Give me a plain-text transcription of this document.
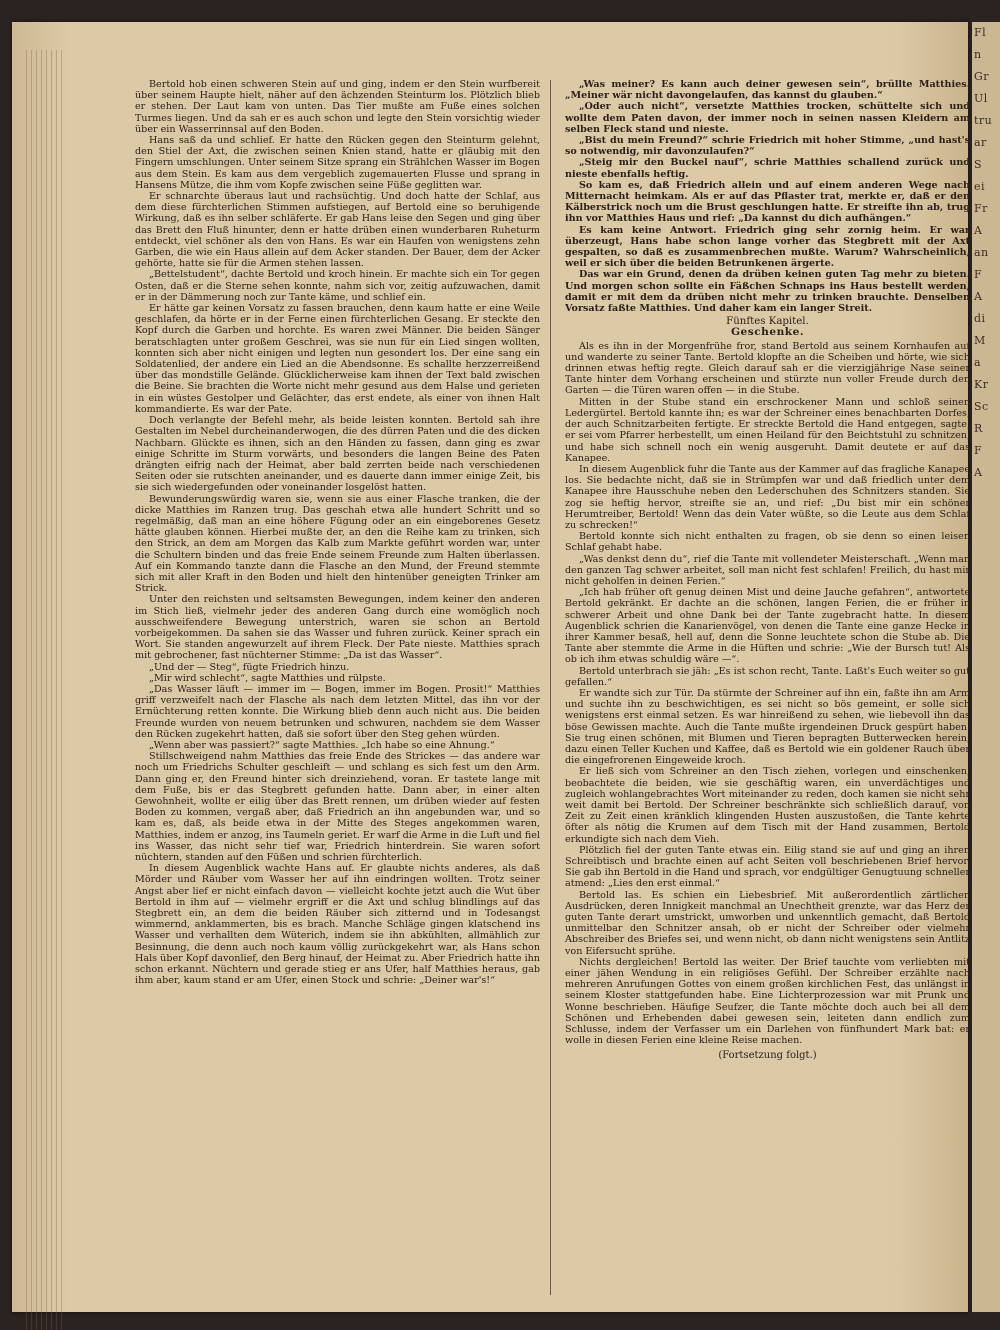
Fl
n
Gr
Ul
tru
ar
S
ei
Fr
A
an
F
A
di
M
a
Kr
Sc
R
F
A

Bertold hob einen schweren Stein auf und ging, indem er den Stein wurfbereit über seinem Haupte hielt, näher auf den ächzenden Steinturm los. Plötzlich blieb er stehen. Der Laut kam von unten. Das Tier mußte am Fuße eines solchen Turmes liegen. Und da sah er es auch schon und legte den Stein vorsichtig wieder über ein Wasserrinnsal auf den Boden.

Hans saß da und schlief. Er hatte den Rücken gegen den Steinturm gelehnt, den Stiel der Axt, die zwischen seinen Knien stand, hatte er gläubig mit den Fingern umschlungen. Unter seinem Sitze sprang ein Strählchen Wasser im Bogen aus dem Stein. Es kam aus dem vergeblich zugemauerten Flusse und sprang in Hansens Mütze, die ihm vom Kopfe zwischen seine Füße geglitten war.

Er schnarchte überaus laut und rachsüchtig. Und doch hatte der Schlaf, aus dem diese fürchterlichen Stimmen aufstiegen, auf Bertold eine so beruhigende Wirkung, daß es ihn selber schläferte. Er gab Hans leise den Segen und ging über das Brett den Fluß hinunter, denn er hatte drüben einen wunderbaren Ruheturm entdeckt, viel schöner als den von Hans. Es war ein Haufen von wenigstens zehn Garben, die wie ein Haus allein auf dem Acker standen. Der Bauer, dem der Acker gehörte, hatte sie für die Armen stehen lassen.

„Bettelstudent“, dachte Bertold und kroch hinein. Er machte sich ein Tor gegen Osten, daß er die Sterne sehen konnte, nahm sich vor, zeitig aufzuwachen, damit er in der Dämmerung noch zur Tante käme, und schlief ein.

Er hätte gar keinen Vorsatz zu fassen brauchen, denn kaum hatte er eine Weile geschlafen, da hörte er in der Ferne einen fürchterlichen Gesang. Er steckte den Kopf durch die Garben und horchte. Es waren zwei Männer. Die beiden Sänger beratschlagten unter großem Geschrei, was sie nun für ein Lied singen wollten, konnten sich aber nicht einigen und legten nun gesondert los. Der eine sang ein Soldatenlied, der andere ein Lied an die Abendsonne. Es schallte herzzerreißend über das mondstille Gelände. Glücklicherweise kam ihnen der Text bald zwischen die Beine. Sie brachten die Worte nicht mehr gesund aus dem Halse und gerieten in ein wüstes Gestolper und Gelächter, das erst endete, als einer von ihnen Halt kommandierte. Es war der Pate.

Doch verlangte der Befehl mehr, als beide leisten konnten. Bertold sah ihre Gestalten im Nebel durcheinanderwogen, die des dürren Paten und die des dicken Nachbarn. Glückte es ihnen, sich an den Händen zu fassen, dann ging es zwar einige Schritte im Sturm vorwärts, und besonders die langen Beine des Paten drängten eifrig nach der Heimat, aber bald zerrten beide nach verschiedenen Seiten oder sie rutschten aneinander, und es dauerte dann immer einige Zeit, bis sie sich wiedergefunden oder voneinander losgelöst hatten.

Bewunderungswürdig waren sie, wenn sie aus einer Flasche tranken, die der dicke Matthies im Ranzen trug. Das geschah etwa alle hundert Schritt und so regelmäßig, daß man an eine höhere Fügung oder an ein eingeborenes Gesetz hätte glauben können. Hierbei mußte der, an den die Reihe kam zu trinken, sich den Strick, an dem am Morgen das Kalb zum Markte geführt worden war, unter die Schultern binden und das freie Ende seinem Freunde zum Halten überlassen. Auf ein Kommando tanzte dann die Flasche an den Mund, der Freund stemmte sich mit aller Kraft in den Boden und hielt den hintenüber geneigten Trinker am Strick.

Unter den reichsten und seltsamsten Bewegungen, indem keiner den anderen im Stich ließ, vielmehr jeder des anderen Gang durch eine womöglich noch ausschweifendere Bewegung unterstrich, waren sie schon an Bertold vorbeigekommen. Da sahen sie das Wasser und fuhren zurück. Keiner sprach ein Wort. Sie standen angewurzelt auf ihrem Fleck. Der Pate nieste. Matthies sprach mit gebrochener, fast nüchterner Stimme: „Da ist das Wasser“.

„Und der — Steg“, fügte Friedrich hinzu.

„Mir wird schlecht“, sagte Matthies und rülpste.

„Das Wasser läuft — immer im — Bogen, immer im Bogen. Prosit!“ Matthies griff verzweifelt nach der Flasche als nach dem letzten Mittel, das ihn vor der Ernüchterung retten konnte. Die Wirkung blieb denn auch nicht aus. Die beiden Freunde wurden von neuem betrunken und schwuren, nachdem sie dem Wasser den Rücken zugekehrt hatten, daß sie sofort über den Steg gehen würden.

„Wenn aber was passiert?“ sagte Matthies. „Ich habe so eine Ahnung.“

Stillschweigend nahm Matthies das freie Ende des Strickes — das andere war noch um Friedrichs Schulter geschleift — und schlang es sich fest um den Arm. Dann ging er, den Freund hinter sich dreinziehend, voran. Er tastete lange mit dem Fuße, bis er das Stegbrett gefunden hatte. Dann aber, in einer alten Gewohnheit, wollte er eilig über das Brett rennen, um drüben wieder auf festen Boden zu kommen, vergaß aber, daß Friedrich an ihn angebunden war, und so kam es, daß, als beide etwa in der Mitte des Steges angekommen waren, Matthies, indem er anzog, ins Taumeln geriet. Er warf die Arme in die Luft und fiel ins Wasser, das nicht sehr tief war, Friedrich hinterdrein. Sie waren sofort nüchtern, standen auf den Füßen und schrien fürchterlich.

In diesem Augenblick wachte Hans auf. Er glaubte nichts anderes, als daß Mörder und Räuber vom Wasser her auf ihn eindringen wollten. Trotz seiner Angst aber lief er nicht einfach davon — vielleicht kochte jetzt auch die Wut über Bertold in ihm auf — vielmehr ergriff er die Axt und schlug blindlings auf das Stegbrett ein, an dem die beiden Räuber sich zitternd und in Todesangst wimmernd, anklammerten, bis es brach. Manche Schläge gingen klatschend ins Wasser und verhallten dem Wüterich, indem sie ihn abkühlten, allmählich zur Besinnung, die denn auch noch kaum völlig zurückgekehrt war, als Hans schon Hals über Kopf davonlief, den Berg hinauf, der Heimat zu. Aber Friedrich hatte ihn schon erkannt. Nüchtern und gerade stieg er ans Ufer, half Matthies heraus, gab ihm aber, kaum stand er am Ufer, einen Stock und schrie: „Deiner war's!“

„Was meiner? Es kann auch deiner gewesen sein“, brüllte Matthies. „Meiner wär nicht davongelaufen, das kannst du glauben.“

„Oder auch nicht“, versetzte Matthies trocken, schüttelte sich und wollte dem Paten davon, der immer noch in seinen nassen Kleidern am selben Fleck stand und nieste.

„Bist du mein Freund?“ schrie Friedrich mit hoher Stimme, „und hast's so notwendig, mir davonzulaufen?“

„Steig mir den Buckel nauf“, schrie Matthies schallend zurück und nieste ebenfalls heftig.

So kam es, daß Friedrich allein und auf einem anderen Wege nach Mitternacht heimkam. Als er auf das Pflaster trat, merkte er, daß er den Kälberstrick noch um die Brust geschlungen hatte. Er streifte ihn ab, trug ihn vor Matthies Haus und rief: „Da kannst du dich aufhängen.“

Es kam keine Antwort. Friedrich ging sehr zornig heim. Er war überzeugt, Hans habe schon lange vorher das Stegbrett mit der Axt gespalten, so daß es zusammenbrechen mußte. Warum? Wahrscheinlich, weil er sich über die beiden Betrunkenen ärgerte.

Das war ein Grund, denen da drüben keinen guten Tag mehr zu bieten. Und morgen schon sollte ein Fäßchen Schnaps ins Haus bestellt werden, damit er mit dem da drüben nicht mehr zu trinken brauchte. Denselben Vorsatz faßte Matthies. Und daher kam ein langer Streit.

Fünftes Kapitel.
Geschenke.

Als es ihn in der Morgenfrühe fror, stand Bertold aus seinem Kornhaufen auf und wanderte zu seiner Tante. Bertold klopfte an die Scheiben und hörte, wie sich drinnen etwas heftig regte. Gleich darauf sah er die vierzigjährige Nase seiner Tante hinter dem Vorhang erscheinen und stürzte nun voller Freude durch den Garten — die Türen waren offen — in die Stube.

Mitten in der Stube stand ein erschrockener Mann und schloß seinen Ledergürtel. Bertold kannte ihn; es war der Schreiner eines benachbarten Dorfes, der auch Schnitzarbeiten fertigte. Er streckte Bertold die Hand entgegen, sagte, er sei vom Pfarrer herbestellt, um einen Heiland für den Beichtstuhl zu schnitzen, und habe sich schnell noch ein wenig ausgeruht. Damit deutete er auf das Kanapee.

In diesem Augenblick fuhr die Tante aus der Kammer auf das fragliche Kanapee los. Sie bedachte nicht, daß sie in Strümpfen war und daß friedlich unter dem Kanapee ihre Hausschuhe neben den Lederschuhen des Schnitzers standen. Sie zog sie heftig hervor, streifte sie an, und rief: „Du bist mir ein schöner Herumtreiber, Bertold! Wenn das dein Vater wüßte, so die Leute aus dem Schlaf zu schrecken!“

Bertold konnte sich nicht enthalten zu fragen, ob sie denn so einen leisen Schlaf gehabt habe.

„Was denkst denn du“, rief die Tante mit vollendeter Meisterschaft. „Wenn man den ganzen Tag schwer arbeitet, soll man nicht fest schlafen! Freilich, du hast mir nicht geholfen in deinen Ferien.“

„Ich hab früher oft genug deinen Mist und deine Jauche gefahren“, antwortete Bertold gekränkt. Er dachte an die schönen, langen Ferien, die er früher in schwerer Arbeit und ohne Dank bei der Tante zugebracht hatte. In diesem Augenblick schrien die Kanarienvögel, von denen die Tante eine ganze Hecke in ihrer Kammer besaß, hell auf, denn die Sonne leuchtete schon die Stube ab. Die Tante aber stemmte die Arme in die Hüften und schrie: „Wie der Bursch tut! Als ob ich ihm etwas schuldig wäre —“.

Bertold unterbrach sie jäh: „Es ist schon recht, Tante. Laßt's Euch weiter so gut gefallen.“

Er wandte sich zur Tür. Da stürmte der Schreiner auf ihn ein, faßte ihn am Arm und suchte ihn zu beschwichtigen, es sei nicht so bös gemeint, er solle sich wenigstens erst einmal setzen. Es war hinreißend zu sehen, wie liebevoll ihn das böse Gewissen machte. Auch die Tante mußte irgendeinen Druck gespürt haben. Sie trug einen schönen, mit Blumen und Tieren bepragten Butterwecken herein, dazu einen Teller Kuchen und Kaffee, daß es Bertold wie ein goldener Rauch über die eingefrorenen Eingeweide kroch.

Er ließ sich vom Schreiner an den Tisch ziehen, vorlegen und einschenken, beobachtete die beiden, wie sie geschäftig waren, ein unverdächtiges und zugleich wohlangebrachtes Wort miteinander zu reden, doch kamen sie nicht sehr weit damit bei Bertold. Der Schreiner beschränkte sich schließlich darauf, von Zeit zu Zeit einen kränklich klingenden Husten auszustoßen, die Tante kehrte öfter als nötig die Krumen auf dem Tisch mit der Hand zusammen, Bertold erkundigte sich nach dem Vieh.

Plötzlich fiel der guten Tante etwas ein. Eilig stand sie auf und ging an ihren Schreibtisch und brachte einen auf acht Seiten voll beschriebenen Brief hervor. Sie gab ihn Bertold in die Hand und sprach, vor endgültiger Genugtuung schneller atmend: „Lies den erst einmal.“

Bertold las. Es schien ein Liebesbrief. Mit außerordentlich zärtlichen Ausdrücken, deren Innigkeit manchmal an Unechtheit grenzte, war das Herz der guten Tante derart umstrickt, umworben und unkenntlich gemacht, daß Bertold unmittelbar den Schnitzer ansah, ob er nicht der Schreiber oder vielmehr Abschreiber des Briefes sei, und wenn nicht, ob dann nicht wenigstens sein Antlitz von Eifersucht sprühe.

Nichts dergleichen! Bertold las weiter. Der Brief tauchte vom verliebten mit einer jähen Wendung in ein religiöses Gefühl. Der Schreiber erzählte nach mehreren Anrufungen Gottes von einem großen kirchlichen Fest, das unlängst in seinem Kloster stattgefunden habe. Eine Lichterprozession war mit Prunk und Wonne beschrieben. Häufige Seufzer, die Tante möchte doch auch bei all dem Schönen und Erhebenden dabei gewesen sein, leiteten dann endlich zum Schlusse, indem der Verfasser um ein Darlehen von fünfhundert Mark bat: er wolle in diesen Ferien eine kleine Reise machen.

(Fortsetzung folgt.)
